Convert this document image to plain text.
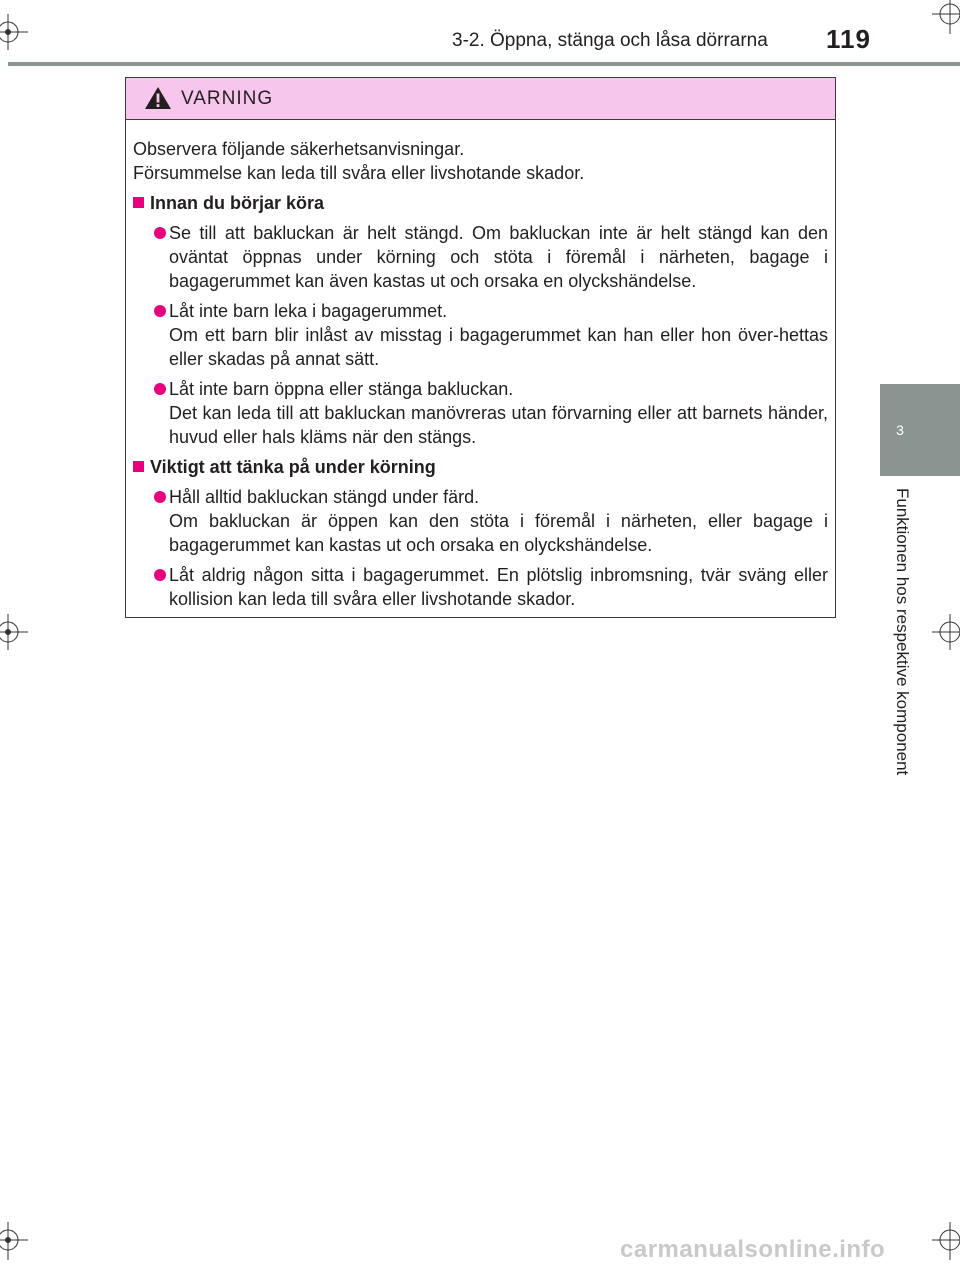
3-2. Öppna, stänga och låsa dörrarna 119
3
Funktionen hos respektive komponent
VARNING

Observera följande säkerhetsanvisningar.

Försummelse kan leda till svåra eller livshotande skador.

Innan du börjar köra

Se till att bakluckan är helt stängd. Om bakluckan inte är helt stängd kan den oväntat öppnas under körning och stöta i föremål i närheten, bagage i bagagerummet kan även kastas ut och orsaka en olyckshändelse.

Låt inte barn leka i bagagerummet.

Om ett barn blir inlåst av misstag i bagagerummet kan han eller hon över-hettas eller skadas på annat sätt.

Låt inte barn öppna eller stänga bakluckan.

Det kan leda till att bakluckan manövreras utan förvarning eller att barnets händer, huvud eller hals kläms när den stängs.

Viktigt att tänka på under körning

Håll alltid bakluckan stängd under färd.

Om bakluckan är öppen kan den stöta i föremål i närheten, eller bagage i bagagerummet kan kastas ut och orsaka en olyckshändelse.

Låt aldrig någon sitta i bagagerummet. En plötslig inbromsning, tvär sväng eller kollision kan leda till svåra eller livshotande skador.

carmanualsonline.info
